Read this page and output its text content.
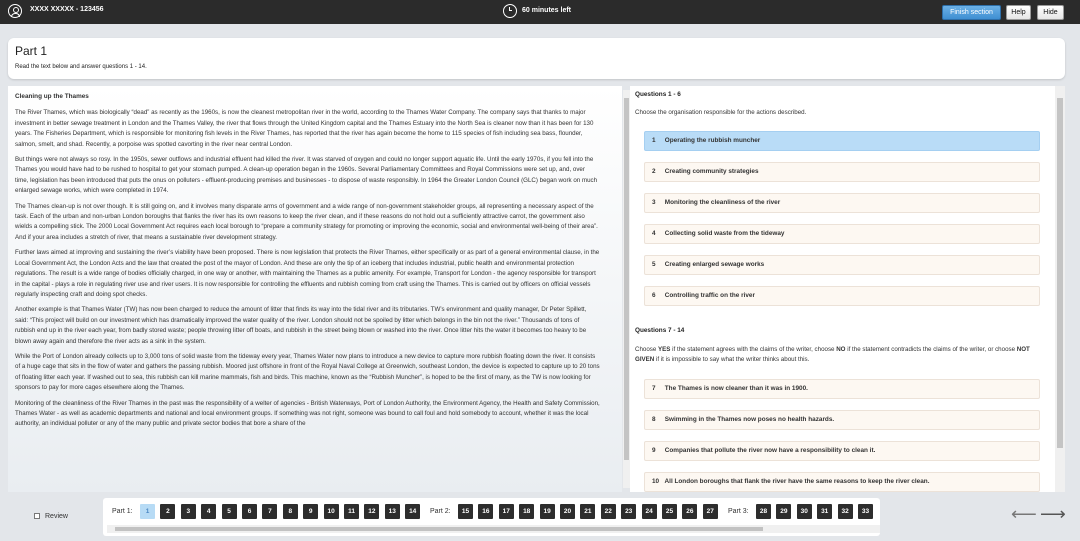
XXXX XXXXX - 123456	60 minutes left	Finish section	Help	Hide
Part 1

Read the text below and answer questions 1 - 14.

Cleaning up the Thames

The River Thames, which was biologically “dead” as recently as the 1960s, is now the cleanest metropolitan river in the world, according to the Thames Water Company. The company says that thanks to major investment in better sewage treatment in London and the Thames Valley, the river that flows through the United Kingdom capital and the Thames Estuary into the North Sea is cleaner now than it has been for 130 years. The Fisheries Department, which is responsible for monitoring fish levels in the River Thames, has reported that the river has again become the home to 115 species of fish including sea bass, flounder, salmon, smelt, and shad. Recently, a porpoise was spotted cavorting in the river near central London.

But things were not always so rosy. In the 1950s, sewer outflows and industrial effluent had killed the river. It was starved of oxygen and could no longer support aquatic life. Until the early 1970s, if you fell into the Thames you would have had to be rushed to hospital to get your stomach pumped. A clean-up operation began in the 1960s. Several Parliamentary Committees and Royal Commissions were set up, and, over time, legislation has been introduced that puts the onus on polluters - effluent-producing premises and businesses - to dispose of waste responsibly. In 1964 the Greater London Council (GLC) began work on much enlarged sewage works, which were completed in 1974.

The Thames clean-up is not over though. It is still going on, and it involves many disparate arms of government and a wide range of non-government stakeholder groups, all representing a necessary aspect of the task. Each of the urban and non-urban London boroughs that flanks the river has its own reasons to keep the river clean, and if these reasons do not hold out a sufficiently attractive carrot, the government also wields a compelling stick. The 2000 Local Government Act requires each local borough to “prepare a community strategy for promoting or improving the economic, social and environmental well-being of their area”. And if your area includes a stretch of river, that means a sustainable river development strategy.

Further laws aimed at improving and sustaining the river’s viability have been proposed. There is now legislation that protects the River Thames, either specifically or as part of a general environmental clause, in the Local Government Act, the London Acts and the law that created the post of the mayor of London. And these are only the tip of an iceberg that includes industrial, public health and environmental protection regulations. The result is a wide range of bodies officially charged, in one way or another, with maintaining the Thames as a public amenity. For example, Transport for London - the agency responsible for transport in the capital - plays a role in regulating river use and river users. It is now responsible for controlling the effluents and rubbish coming from craft using the Thames. This is carried out by officers on official vessels regularly inspecting craft and doing spot checks.

Another example is that Thames Water (TW) has now been charged to reduce the amount of litter that finds its way into the tidal river and its tributaries. TW’s environment and quality manager, Dr Peter Spillett, said: “This project will build on our investment which has dramatically improved the water quality of the river. London should not be spoiled by litter which belongs in the bin not the river.” Thousands of tons of rubbish end up in the river each year, from badly stored waste; people throwing litter off boats, and rubbish in the street being blown or washed into the river. Once litter hits the water it becomes too heavy to be blown away again and therefore the river acts as a sink in the system.

While the Port of London already collects up to 3,000 tons of solid waste from the tideway every year, Thames Water now plans to introduce a new device to capture more rubbish floating down the river. It consists of a huge cage that sits in the flow of water and gathers the passing rubbish. Moored just offshore in front of the Royal Naval College at Greenwich, southeast London, the device is expected to capture up to 20 tons of floating litter each year. If washed out to sea, this rubbish can kill marine mammals, fish and birds. This machine, known as the “Rubbish Muncher”, is hoped to be the first of many, as the TW is now looking for sponsors to pay for more cages elsewhere along the Thames.

Monitoring of the cleanliness of the River Thames in the past was the responsibility of a welter of agencies - British Waterways, Port of London Authority, the Environment Agency, the Health and Safety Commission, Thames Water - as well as academic departments and national and local environment groups. If something was not right, someone was bound to call foul and hold somebody to account, whether it was the local authority, an individual polluter or any of the many public and private sector bodies that bore a share of the

Questions 1 - 6
Choose the organisation responsible for the actions described.
1 Operating the rubbish muncher
2 Creating community strategies
3 Monitoring the cleanliness of the river
4 Collecting solid waste from the tideway
5 Creating enlarged sewage works
6 Controlling traffic on the river
Questions 7 - 14
Choose YES if the statement agrees with the claims of the writer, choose NO if the statement contradicts the claims of the writer, or choose NOT GIVEN if it is impossible to say what the writer thinks about this.
7 The Thames is now cleaner than it was in 1900.
8 Swimming in the Thames now poses no health hazards.
9 Companies that pollute the river now have a responsibility to clean it.
10 All London boroughs that flank the river have the same reasons to keep the river clean.
Review
Part 1:	Part 2:	Part 3:
1	2	3	4	5	6	7	8	9	10	11	12	13	14	15	16	17	18	19	20	21	22	23	24	25	26	27	28	29	30	31	32	33	⟵ ⟶
